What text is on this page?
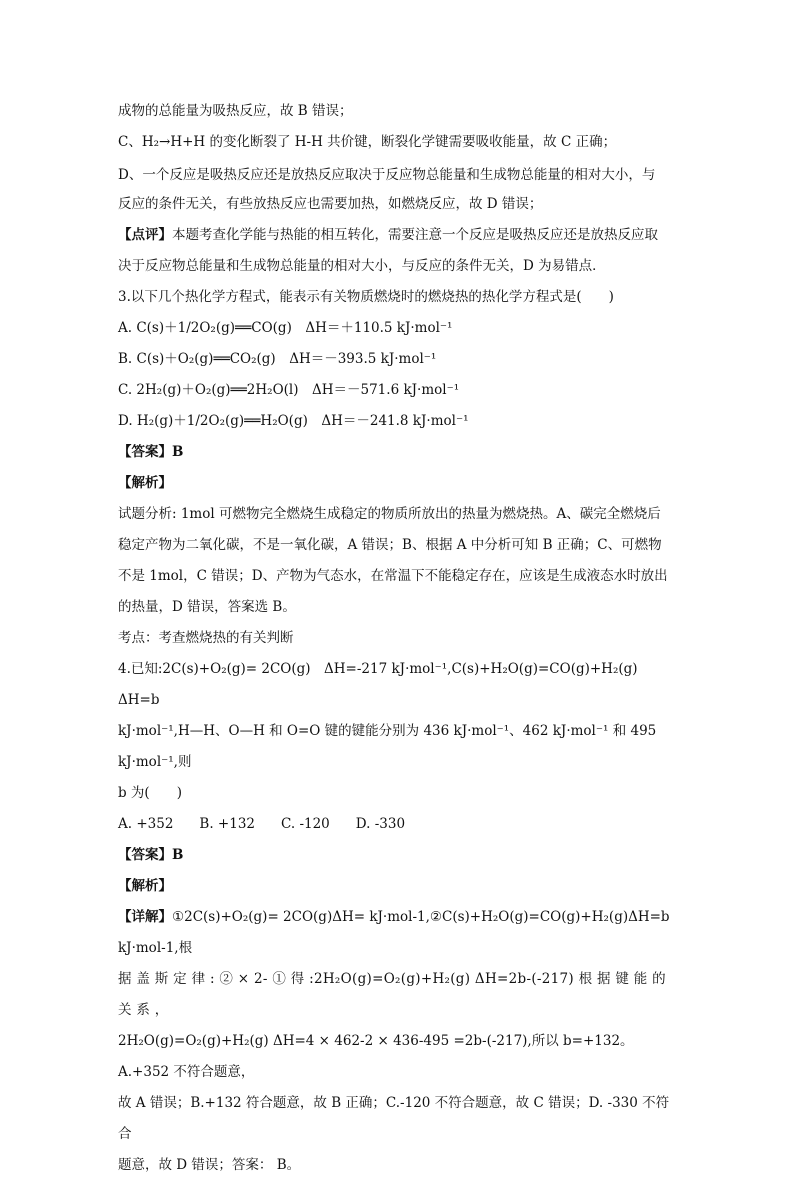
成物的总能量为吸热反应，故 B 错误；

C、H₂→H+H 的变化断裂了 H-H 共价键，断裂化学键需要吸收能量，故 C 正确；

D、一个反应是吸热反应还是放热反应取决于反应物总能量和生成物总能量的相对大小，与

反应的条件无关，有些放热反应也需要加热，如燃烧反应，故 D 错误；

【点评】本题考查化学能与热能的相互转化，需要注意一个反应是吸热反应还是放热反应取

决于反应物总能量和生成物总能量的相对大小，与反应的条件无关，D 为易错点．

3.以下几个热化学方程式，能表示有关物质燃烧时的燃烧热的热化学方程式是(　　)

A. C(s)＋1/2O₂(g)══CO(g)　ΔH＝＋110.5 kJ·mol⁻¹

B. C(s)＋O₂(g)══CO₂(g)　ΔH＝－393.5 kJ·mol⁻¹

C. 2H₂(g)＋O₂(g)══2H₂O(l)　ΔH＝－571.6 kJ·mol⁻¹

D. H₂(g)＋1/2O₂(g)══H₂O(g)　ΔH＝－241.8 kJ·mol⁻¹

【答案】B

【解析】

试题分析: 1mol 可燃物完全燃烧生成稳定的物质所放出的热量为燃烧热。A、碳完全燃烧后

稳定产物为二氧化碳，不是一氧化碳，A 错误；B、根据 A 中分析可知 B 正确；C、可燃物

不是 1mol，C 错误；D、产物为气态水，在常温下不能稳定存在，应该是生成液态水时放出

的热量，D 错误，答案选 B。

考点：考查燃烧热的有关判断

4.已知:2C(s)+O₂(g)= 2CO(g)　ΔH=-217 kJ·mol⁻¹,C(s)+H₂O(g)=CO(g)+H₂(g)　ΔH=b

kJ·mol⁻¹,H—H、O—H 和 O=O 键的键能分别为 436 kJ·mol⁻¹、462 kJ·mol⁻¹ 和 495 kJ·mol⁻¹,则

b 为(　　)

A. +352 B. +132 C. -120 D. -330

【答案】B

【解析】

【详解】①2C(s)+O₂(g)= 2CO(g)ΔH= kJ·mol-1,②C(s)+H₂O(g)=CO(g)+H₂(g)ΔH=b kJ·mol-1,根

据 盖 斯 定 律 : ② × 2- ① 得 :2H₂O(g)=O₂(g)+H₂(g) ΔH=2b-(-217) 根 据 键 能 的 关 系 ，

2H₂O(g)=O₂(g)+H₂(g) ΔH=4 × 462-2 × 436-495 =2b-(-217),所以 b=+132。A.+352 不符合题意，

故 A 错误；B.+132 符合题意，故 B 正确；C.-120 不符合题意，故 C 错误；D. -330 不符合

题意，故 D 错误；答案： B。
